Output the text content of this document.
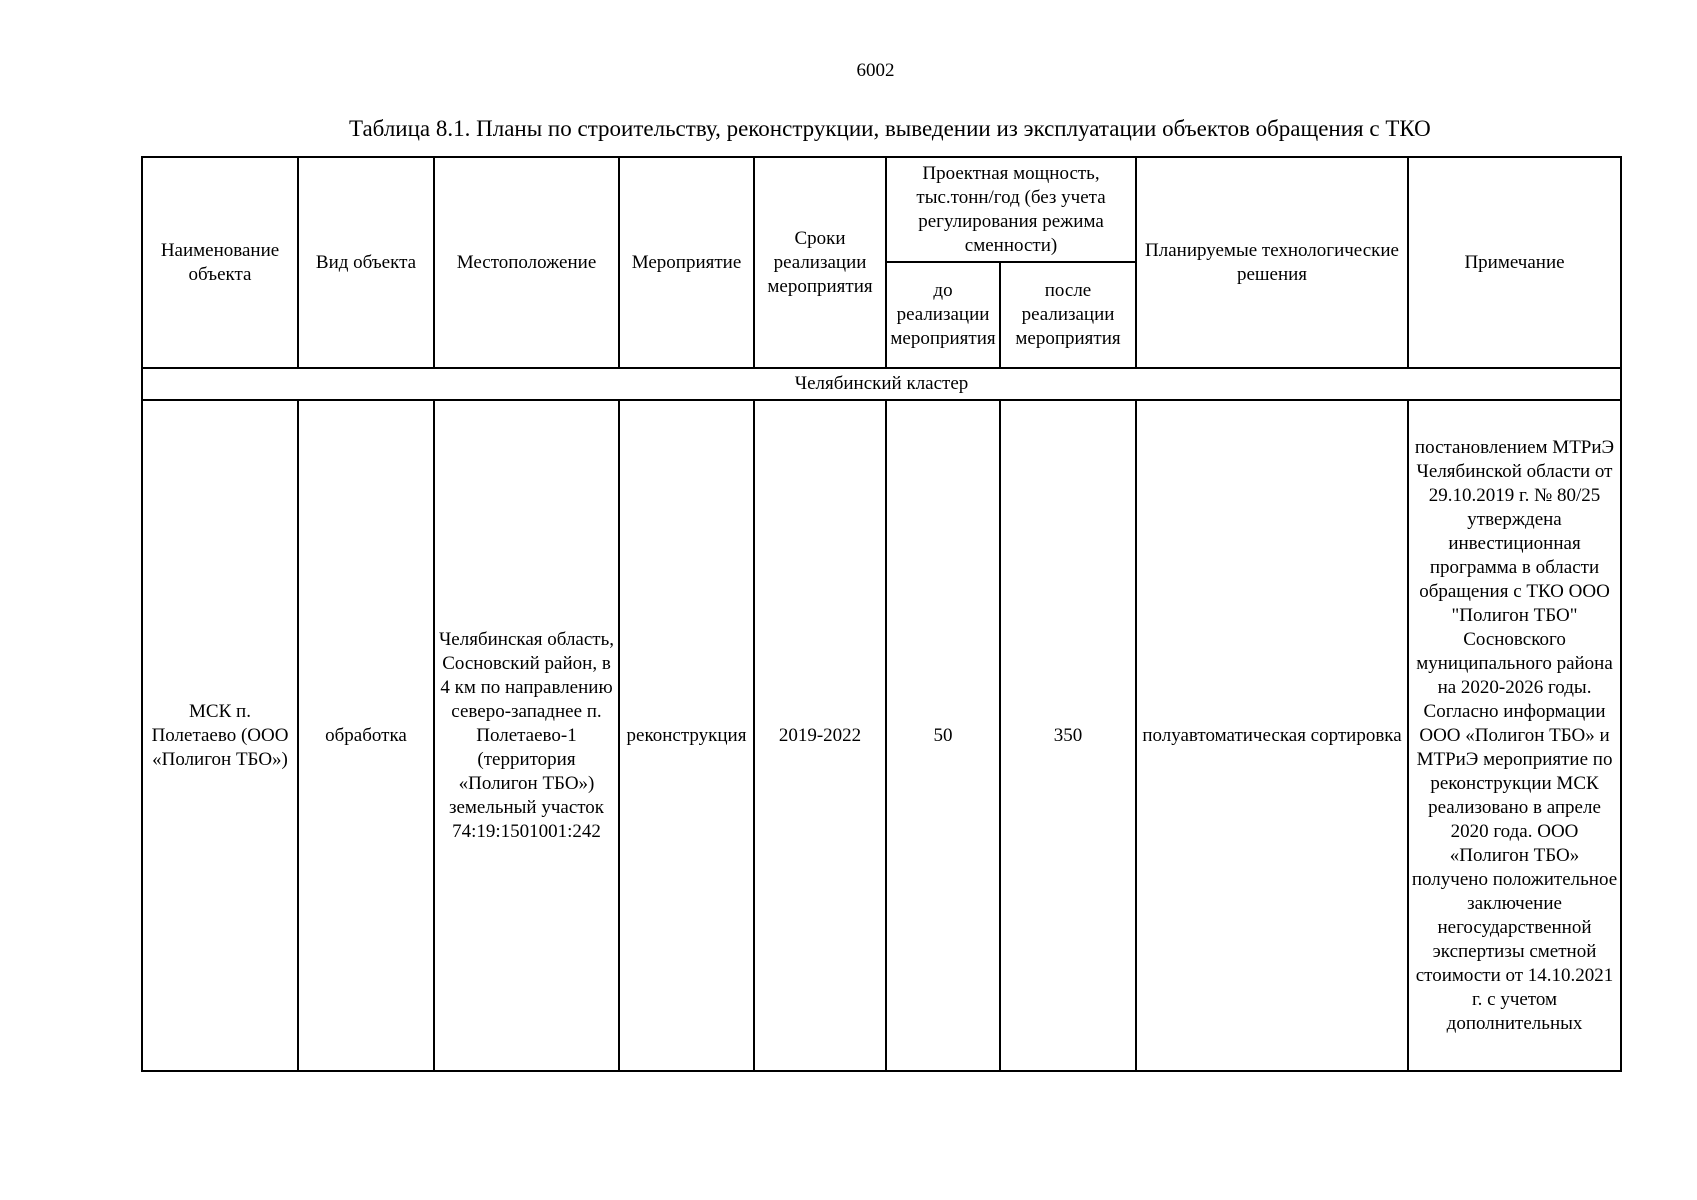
6002
Таблица 8.1. Планы по строительству, реконструкции, выведении из эксплуатации объектов обращения с ТКО
Наименование объекта	Вид объекта	Местоположение	Мероприятие	Сроки реализации мероприятия	Проектная мощность, тыс.тонн/год (без учета регулирования режима сменности)		Планируемые технологические решения	Примечание
					до реализации мероприятия	после реализации мероприятия		
Челябинский кластер								
МСК п. Полетаево (ООО «Полигон ТБО»)	обработка	Челябинская область, Сосновский район, в 4 км по направлению северо-западнее п. Полетаево-1 (территория «Полигон ТБО») земельный участок 74:19:1501001:242	реконструкция	2019-2022	50	350	полуавтоматическая сортировка	постановлением МТРиЭ Челябинской области от 29.10.2019 г. № 80/25 утверждена инвестиционная программа в области обращения с ТКО ООО "Полигон ТБО" Сосновского муниципального района на 2020-2026 годы. Согласно информации ООО «Полигон ТБО» и МТРиЭ мероприятие по реконструкции МСК реализовано в апреле 2020 года. ООО «Полигон ТБО» получено положительное заключение негосударственной экспертизы сметной стоимости от 14.10.2021 г. с учетом дополнительных
